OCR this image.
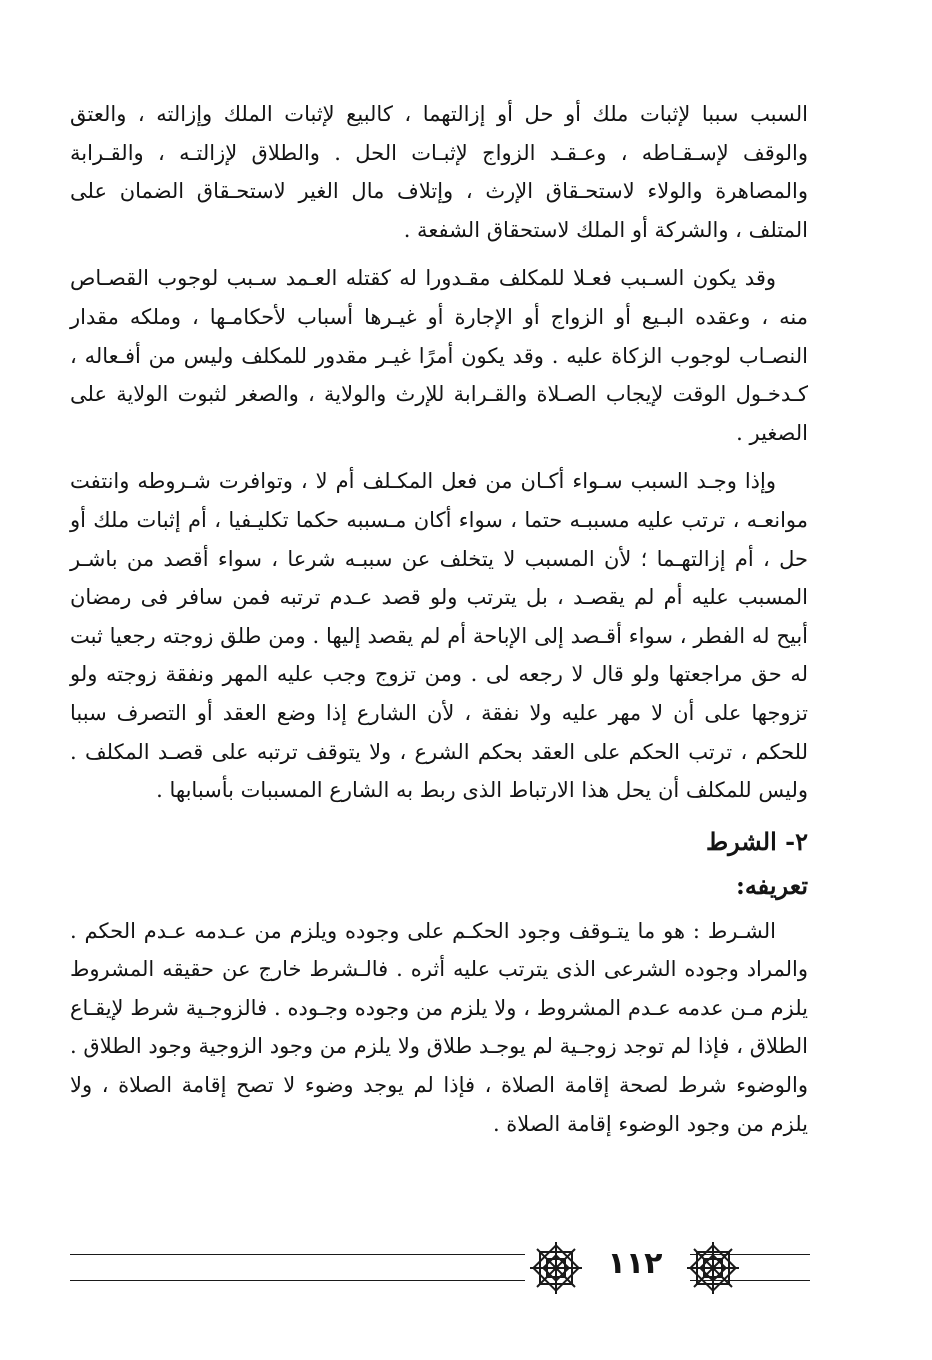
السبب سببا لإثبات ملك أو حل أو إزالتهما ، كالبيع لإثبات الملك وإزالته ، والعتق والوقف لإسـقـاطه ، وعـقـد الزواج لإثبـات الحل . والطلاق لإزالتـه ، والقـرابة والمصاهرة والولاء لاستحـقاق الإرث ، وإتلاف مال الغير لاستحـقاق الضمان على المتلف ، والشركة أو الملك لاستحقاق الشفعة .

وقد يكون السـبب فعـلا للمكلف مقـدورا له كقتله العـمد سـبب لوجوب القصـاص منه ، وعقده البـيع أو الزواج أو الإجارة أو غيـرها أسباب لأحكامـها ، وملكه مقدار النصـاب لوجوب الزكاة عليه . وقد يكون أمرًا غيـر مقدور للمكلف وليس من أفـعاله ، كـدخـول الوقت لإيجاب الصـلاة والقـرابة للإرث والولاية ، والصغر لثبوت الولاية على الصغير .

وإذا وجـد السبب سـواء أكـان من فعل المكـلف أم لا ، وتوافرت شـروطه وانتفت موانعـه ، ترتب عليه مسببـه حتما ، سواء أكان مـسببه حكما تكليـفيا ، أم إثبات ملك أو حل ، أم إزالتهـما ؛ لأن المسبب لا يتخلف عن سببـه شرعا ، سواء أقصد من باشـر المسبب عليه أم لم يقصـد ، بل يترتب ولو قصد عـدم ترتبه فمن سافر فى رمضان أبيح له الفطر ، سواء أقـصد إلى الإباحة أم لم يقصد إليها . ومن طلق زوجته رجعيا ثبت له حق مراجعتها ولو قال لا رجعه لى . ومن تزوج وجب عليه المهر ونفقة زوجته ولو تزوجها على أن لا مهر عليه ولا نفقة ، لأن الشارع إذا وضع العقد أو التصرف سببا للحكم ، ترتب الحكم على العقد بحكم الشرع ، ولا يتوقف ترتبه على قصـد المكلف . وليس للمكلف أن يحل هذا الارتباط الذى ربط به الشارع المسببات بأسبابها .

٢- الشرط
تعريفه:

الشـرط : هو ما يتـوقف وجود الحكـم على وجوده ويلزم من عـدمه عـدم الحكم . والمراد وجوده الشرعى الذى يترتب عليه أثره . فالـشرط خارج عن حقيقه المشروط يلزم مـن عدمه عـدم المشروط ، ولا يلزم من وجوده وجـوده . فالزوجـية شرط لإيقـاع الطلاق ، فإذا لم توجد زوجـية لم يوجـد طلاق ولا يلزم من وجود الزوجية وجود الطلاق . والوضوء شرط لصحة إقامة الصلاة ، فإذا لم يوجد وضوء لا تصح إقامة الصلاة ، ولا يلزم من وجود الوضوء إقامة الصلاة .

١١٢
